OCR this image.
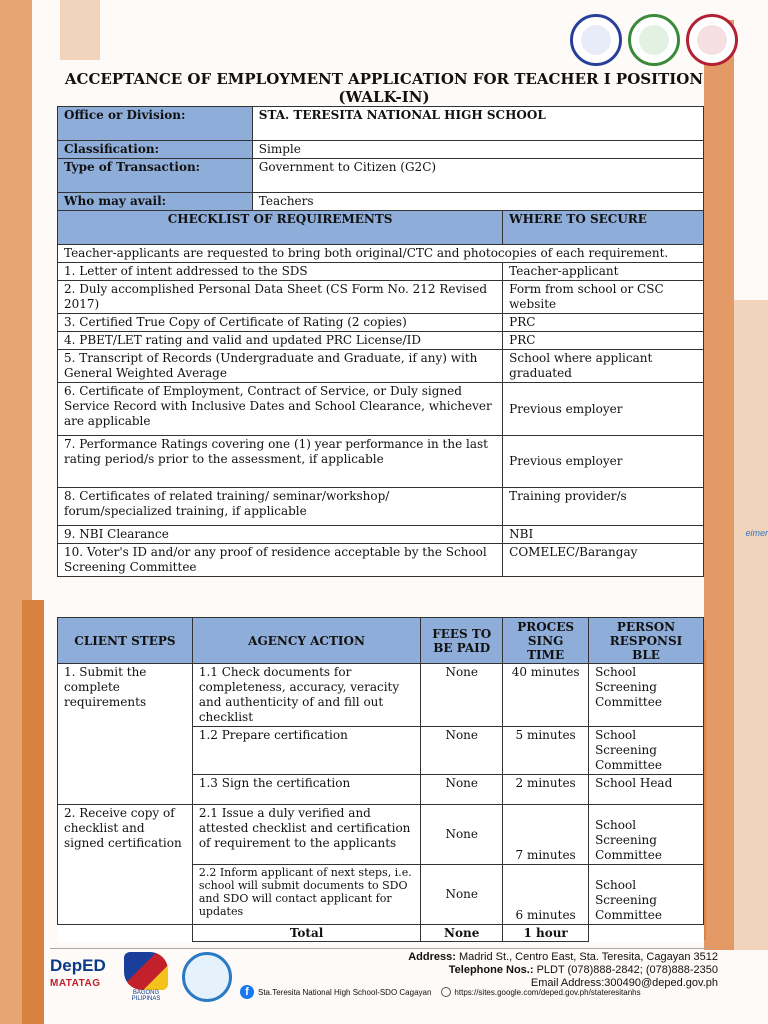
ACCEPTANCE OF EMPLOYMENT APPLICATION FOR TEACHER I POSITION
(WALK-IN)
Office or Division:	STA. TERESITA NATIONAL HIGH SCHOOL	
Classification:	Simple	
Type of Transaction:	Government to Citizen (G2C)	
Who may avail:	Teachers	
CHECKLIST OF REQUIREMENTS		WHERE TO SECURE
Teacher-applicants are requested to bring both original/CTC and photocopies of each requirement.		
1. Letter of intent addressed to the SDS		Teacher-applicant
2. Duly accomplished Personal Data Sheet (CS Form No. 212 Revised 2017)		Form from school or CSC website
3. Certified True Copy of Certificate of Rating (2 copies)		PRC
4. PBET/LET rating and valid and updated PRC License/ID		PRC
5. Transcript of Records (Undergraduate and Graduate, if any) with General Weighted Average		School where applicant graduated
6. Certificate of Employment, Contract of Service, or Duly signed Service Record with Inclusive Dates and School Clearance, whichever are applicable		Previous employer
7. Performance Ratings covering one (1) year performance in the last rating period/s prior to the assessment, if applicable		Previous employer
8. Certificates of related training/ seminar/workshop/ forum/specialized training, if applicable		Training provider/s
9. NBI Clearance		NBI
10. Voter's ID and/or any proof of residence acceptable by the School Screening Committee		COMELEC/Barangay
CLIENT STEPS	AGENCY ACTION	FEES TO BE PAID	PROCES SING TIME	PERSON RESPONSI BLE
1. Submit the complete requirements	1.1 Check documents for completeness, accuracy, veracity and authenticity of and fill out checklist	None	40 minutes	School Screening Committee
	1.2 Prepare certification	None	5 minutes	School Screening Committee
	1.3 Sign the certification	None	2 minutes	School Head
2. Receive copy of checklist and signed certification	2.1 Issue a duly verified and attested checklist and certification of requirement to the applicants	None	7 minutes	School Screening Committee
	2.2 Inform applicant of next steps, i.e. school will submit documents to SDO and SDO will contact applicant for updates	None	6 minutes	School Screening Committee
	Total	None	1 hour	
eimer
DepED
MATATAG
BAGONG PILIPINAS
f	Sta.Teresita National High School-SDO Cagayan	https://sites.google.com/deped.gov.ph/stateresitanhs
Address: Madrid St., Centro East, Sta. Teresita, Cagayan 3512
Telephone Nos.: PLDT (078)888-2842; (078)888-2350
Email Address:300490@deped.gov.ph
